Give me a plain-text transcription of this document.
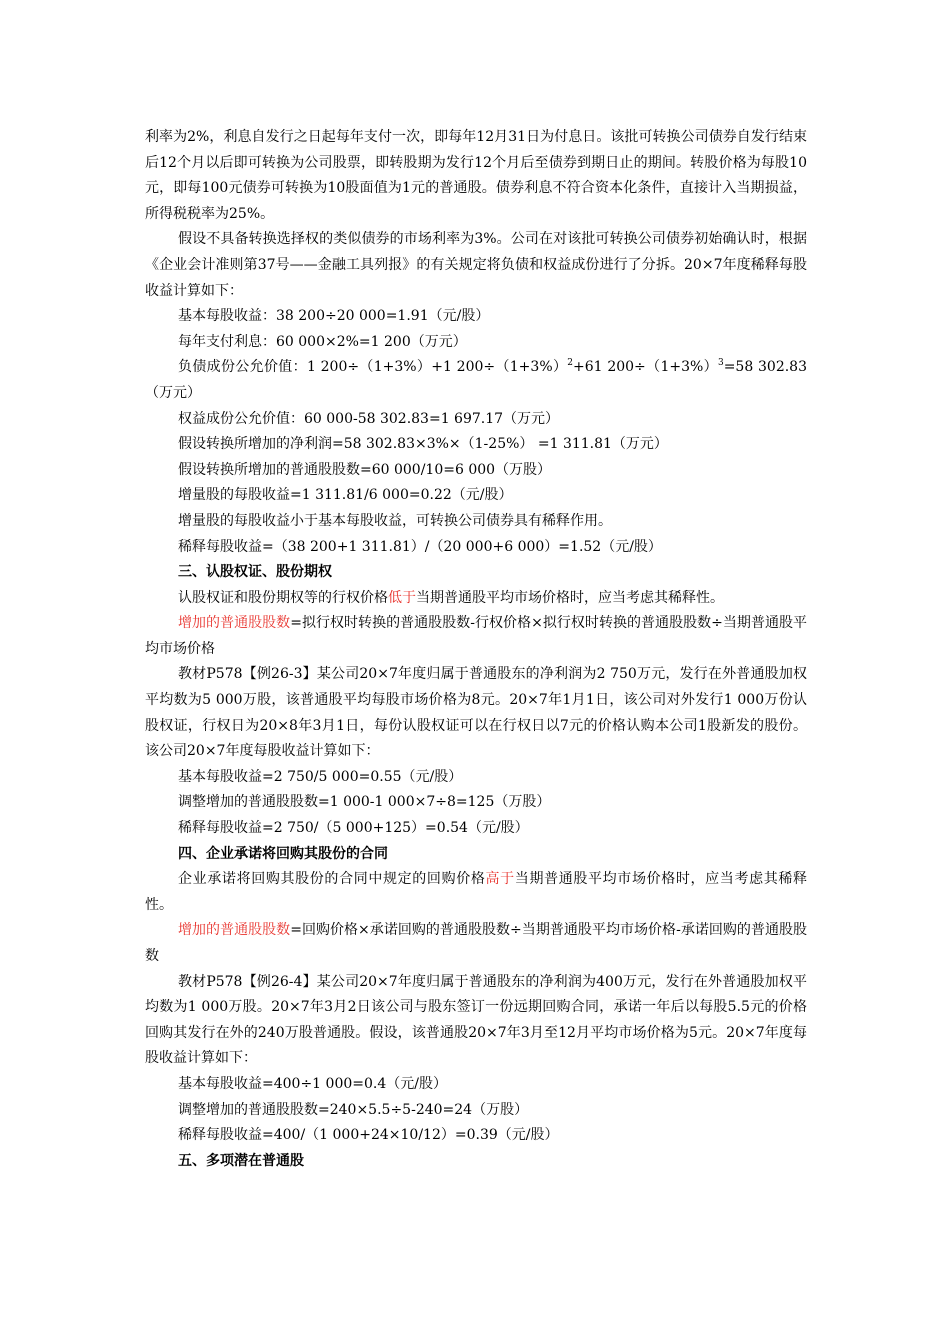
利率为2%，利息自发行之日起每年支付一次，即每年12月31日为付息日。该批可转换公司债券自发行结束后12个月以后即可转换为公司股票，即转股期为发行12个月后至债券到期日止的期间。转股价格为每股10元，即每100元债券可转换为10股面值为1元的普通股。债券利息不符合资本化条件，直接计入当期损益，所得税税率为25%。

假设不具备转换选择权的类似债券的市场利率为3%。公司在对该批可转换公司债券初始确认时，根据《企业会计准则第37号——金融工具列报》的有关规定将负债和权益成份进行了分拆。20×7年度稀释每股收益计算如下：

基本每股收益：38 200÷20 000=1.91（元/股）

每年支付利息：60 000×2%=1 200（万元）

负债成份公允价值：1 200÷（1+3%）+1 $200\div(1+3\%)^2+61$ $200\div(1+3\%)^3=58$ 302.83（万元）

权益成份公允价值：60 000-58 302.83=1 697.17（万元）

假设转换所增加的净利润=58 302.83×3%×（1-25%） =1 311.81（万元）

假设转换所增加的普通股股数=60 000/10=6 000（万股）

增量股的每股收益=1 311.81/6 000=0.22（元/股）

增量股的每股收益小于基本每股收益，可转换公司债券具有稀释作用。

稀释每股收益=（38 200+1 311.81）/（20 000+6 000）=1.52（元/股）

三、认股权证、股份期权

认股权证和股份期权等的行权价格低于当期普通股平均市场价格时，应当考虑其稀释性。

增加的普通股股数=拟行权时转换的普通股股数-行权价格×拟行权时转换的普通股股数÷当期普通股平均市场价格

教材P578【例26-3】某公司20×7年度归属于普通股东的净利润为2 750万元，发行在外普通股加权平均数为5 000万股，该普通股平均每股市场价格为8元。20×7年1月1日，该公司对外发行1 000万份认股权证，行权日为20×8年3月1日，每份认股权证可以在行权日以7元的价格认购本公司1股新发的股份。该公司20×7年度每股收益计算如下：

基本每股收益=2 750/5 000=0.55（元/股）

调整增加的普通股股数=1 000-1 000×7÷8=125（万股）

稀释每股收益=2 750/（5 000+125）=0.54（元/股）

四、企业承诺将回购其股份的合同

企业承诺将回购其股份的合同中规定的回购价格高于当期普通股平均市场价格时，应当考虑其稀释性。

增加的普通股股数=回购价格×承诺回购的普通股股数÷当期普通股平均市场价格-承诺回购的普通股股数

教材P578【例26-4】某公司20×7年度归属于普通股东的净利润为400万元，发行在外普通股加权平均数为1 000万股。20×7年3月2日该公司与股东签订一份远期回购合同，承诺一年后以每股5.5元的价格回购其发行在外的240万股普通股。假设，该普通股20×7年3月至12月平均市场价格为5元。20×7年度每股收益计算如下：

基本每股收益=400÷1 000=0.4（元/股）

调整增加的普通股股数=240×5.5÷5-240=24（万股）

稀释每股收益=400/（1 000+24×10/12）=0.39（元/股）

五、多项潜在普通股
